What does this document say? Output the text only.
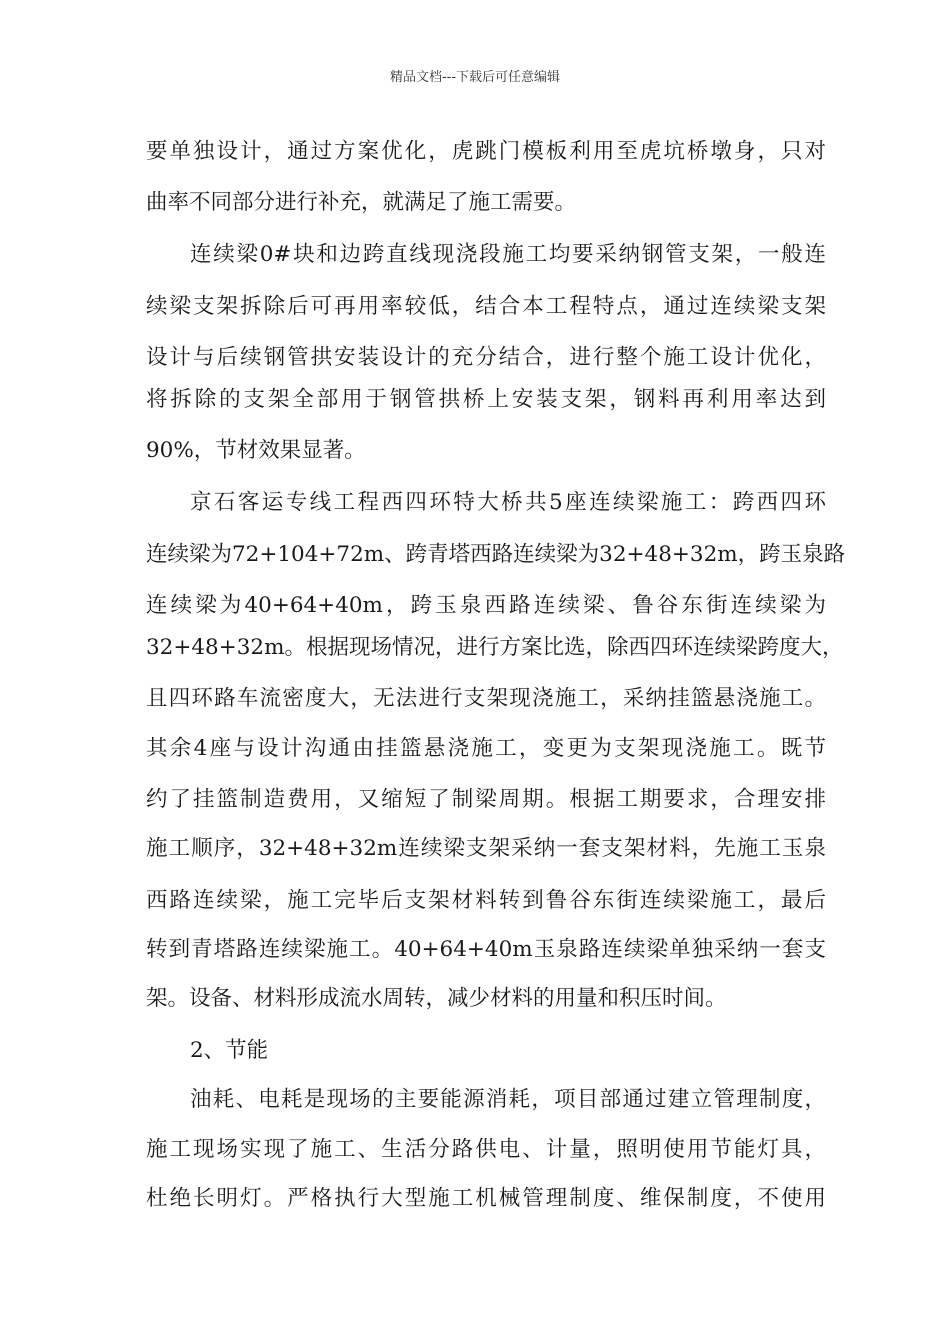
精品文档---下载后可任意编辑
要单独设计，通过方案优化，虎跳门模板利用至虎坑桥墩身，只对
曲率不同部分进行补充，就满足了施工需要。
连续梁0#块和边跨直线现浇段施工均要采纳钢管支架，一般连
续梁支架拆除后可再用率较低，结合本工程特点，通过连续梁支架
设计与后续钢管拱安装设计的充分结合，进行整个施工设计优化，
将拆除的支架全部用于钢管拱桥上安装支架，钢料再利用率达到
90%，节材效果显著。
京石客运专线工程西四环特大桥共5座连续梁施工：跨西四环
连续梁为72+104+72m、跨青塔西路连续梁为32+48+32m，跨玉泉路
连续梁为40+64+40m，跨玉泉西路连续梁、鲁谷东街连续梁为
32+48+32m。根据现场情况，进行方案比选，除西四环连续梁跨度大，
且四环路车流密度大，无法进行支架现浇施工，采纳挂篮悬浇施工。
其余4座与设计沟通由挂篮悬浇施工，变更为支架现浇施工。既节
约了挂篮制造费用，又缩短了制梁周期。根据工期要求，合理安排
施工顺序，32+48+32m连续梁支架采纳一套支架材料，先施工玉泉
西路连续梁，施工完毕后支架材料转到鲁谷东街连续梁施工，最后
转到青塔路连续梁施工。40+64+40m玉泉路连续梁单独采纳一套支
架。设备、材料形成流水周转，减少材料的用量和积压时间。
2、节能
油耗、电耗是现场的主要能源消耗，项目部通过建立管理制度，
施工现场实现了施工、生活分路供电、计量，照明使用节能灯具，
杜绝长明灯。严格执行大型施工机械管理制度、维保制度，不使用
